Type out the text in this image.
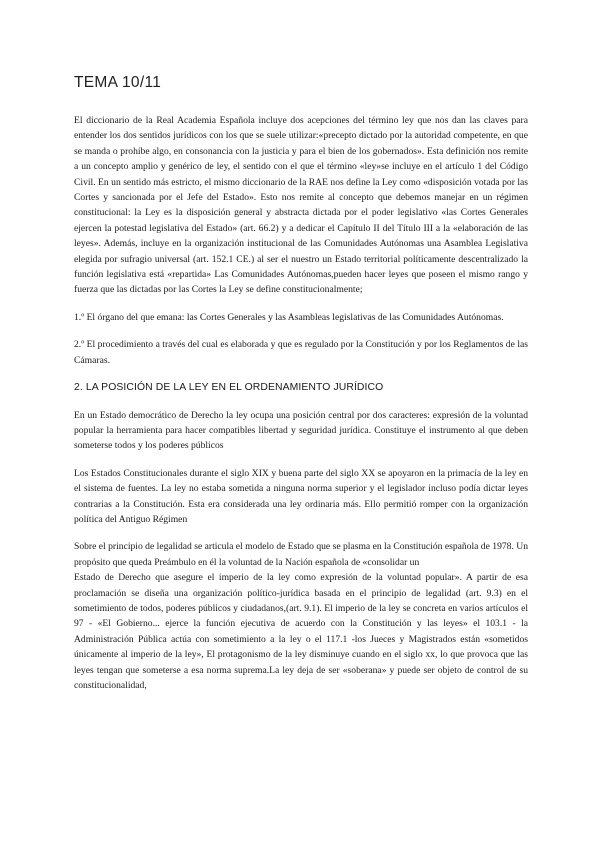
TEMA 10/11

El diccionario de la Real Academia Española incluye dos acepciones del término ley que nos dan las claves para entender los dos sentidos jurídicos con los que se suele utilizar:«precepto dictado por la autoridad competente, en que se manda o prohíbe algo, en consonancia con la justicia y para el bien de los gobernados». Esta definición nos remite a un concepto amplio y genérico de ley, el sentido con el que el término «ley»se incluye en el artículo 1 del Código Civil. En un sentido más estricto, el mismo diccionario de la RAE nos define la Ley como «disposición votada por las Cortes y sancionada por el Jefe del Estado». Esto nos remite al concepto que debemos manejar en un régimen constitucional: la Ley es la disposición general y abstracta dictada por el poder legislativo «las Cortes Generales ejercen la potestad legislativa del Estado» (art. 66.2) y a dedicar el Capítulo II del Título III a la «elaboración de las leyes». Además, incluye en la organización institucional de las Comunidades Autónomas una Asamblea Legislativa elegida por sufragio universal (art. 152.1 CE.) al ser el nuestro un Estado territorial políticamente descentralizado la función legislativa está «repartida» Las Comunidades Autónomas,pueden hacer leyes que poseen el mismo rango y fuerza que las dictadas por las Cortes la Ley se define constitucionalmente;

1.º El órgano del que emana: las Cortes Generales y las Asambleas legislativas de las Comunidades Autónomas.

2.º El procedimiento a través del cual es elaborada y que es regulado por la Constitución y por los Reglamentos de las Cámaras.

2. LA POSICIÓN DE LA LEY EN EL ORDENAMIENTO JURÍDICO

En un Estado democrático de Derecho la ley ocupa una posición central por dos caracteres: expresión de la voluntad popular la herramienta para hacer compatibles libertad y seguridad jurídica. Constituye el instrumento al que deben someterse todos y los poderes públicos

Los Estados Constitucionales durante el siglo XIX y buena parte del siglo XX se apoyaron en la primacía de la ley en el sistema de fuentes. La ley no estaba sometida a ninguna norma superior y el legislador incluso podía dictar leyes contrarias a la Constitución. Esta era considerada una ley ordinaria más. Ello permitió romper con la organización política del Antiguo Régimen

Sobre el principio de legalidad se articula el modelo de Estado que se plasma en la Constitución española de 1978. Un propósito que queda Preámbulo en él la voluntad de la Nación española de «consolidar un

Estado de Derecho que asegure el imperio de la ley como expresión de la voluntad popular». A partir de esa proclamación se diseña una organización político-jurídica basada en el principio de legalidad (art. 9.3) en el sometimiento de todos, poderes públicos y ciudadanos,(art. 9.1). El imperio de la ley se concreta en varios artículos el 97 - «El Gobierno... ejerce la función ejecutiva de acuerdo con la Constitución y las leyes» el 103.1 - la Administración Pública actúa con sometimiento a la ley o el 117.1 -los Jueces y Magistrados están «sometidos únicamente al imperio de la ley», El protagonismo de la ley disminuye cuando en el siglo xx, lo que provoca que las leyes tengan que someterse a esa norma suprema.La ley deja de ser «soberana» y puede ser objeto de control de su constitucionalidad,
